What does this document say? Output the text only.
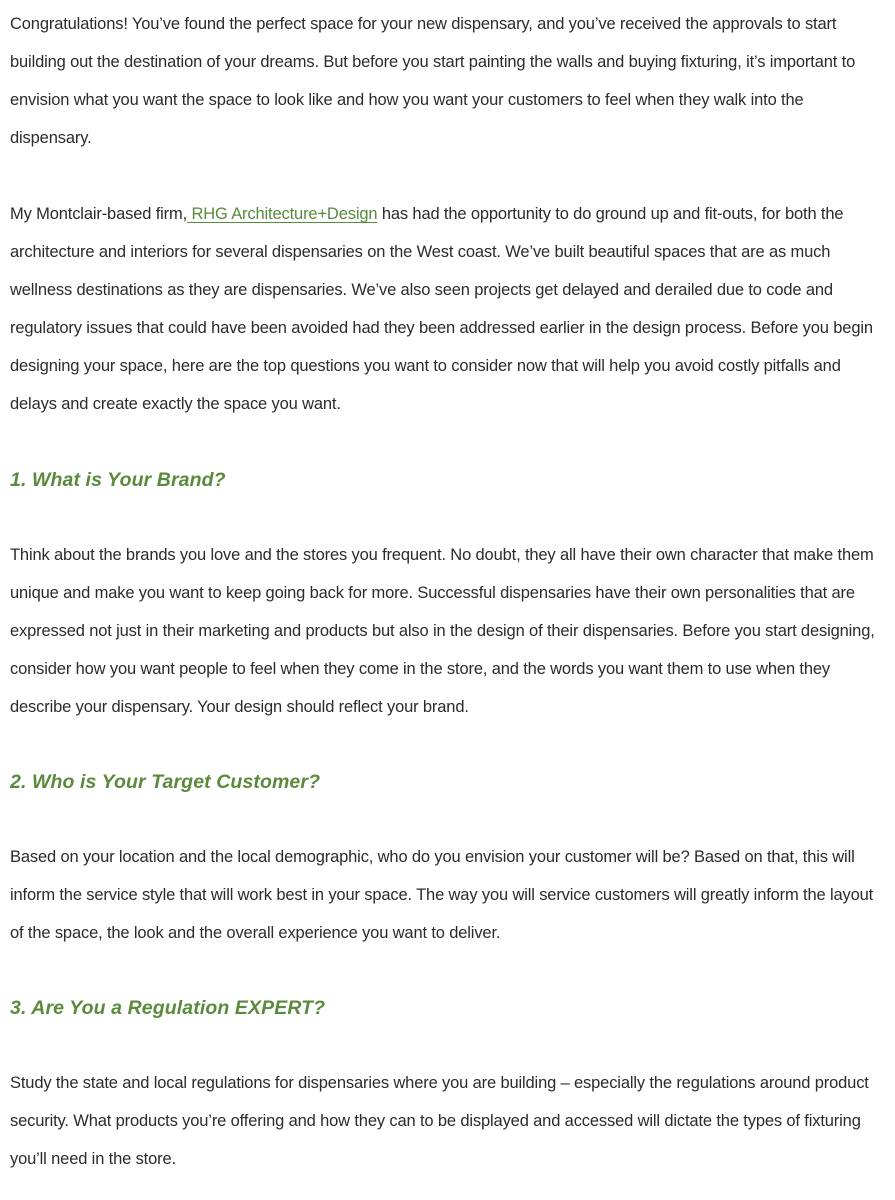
Congratulations! You’ve found the perfect space for your new dispensary, and you’ve received the approvals to start building out the destination of your dreams. But before you start painting the walls and buying fixturing, it’s important to envision what you want the space to look like and how you want your customers to feel when they walk into the dispensary.

My Montclair-based firm, RHG Architecture+Design has had the opportunity to do ground up and fit-outs, for both the architecture and interiors for several dispensaries on the West coast. We’ve built beautiful spaces that are as much wellness destinations as they are dispensaries. We’ve also seen projects get delayed and derailed due to code and regulatory issues that could have been avoided had they been addressed earlier in the design process. Before you begin designing your space, here are the top questions you want to consider now that will help you avoid costly pitfalls and delays and create exactly the space you want.

1. What is Your Brand?

Think about the brands you love and the stores you frequent. No doubt, they all have their own character that make them unique and make you want to keep going back for more. Successful dispensaries have their own personalities that are expressed not just in their marketing and products but also in the design of their dispensaries. Before you start designing, consider how you want people to feel when they come in the store, and the words you want them to use when they describe your dispensary. Your design should reflect your brand.

2. Who is Your Target Customer?

Based on your location and the local demographic, who do you envision your customer will be? Based on that, this will inform the service style that will work best in your space. The way you will service customers will greatly inform the layout of the space, the look and the overall experience you want to deliver.

3. Are You a Regulation EXPERT?

Study the state and local regulations for dispensaries where you are building – especially the regulations around product security. What products you’re offering and how they can to be displayed and accessed will dictate the types of fixturing you’ll need in the store.
